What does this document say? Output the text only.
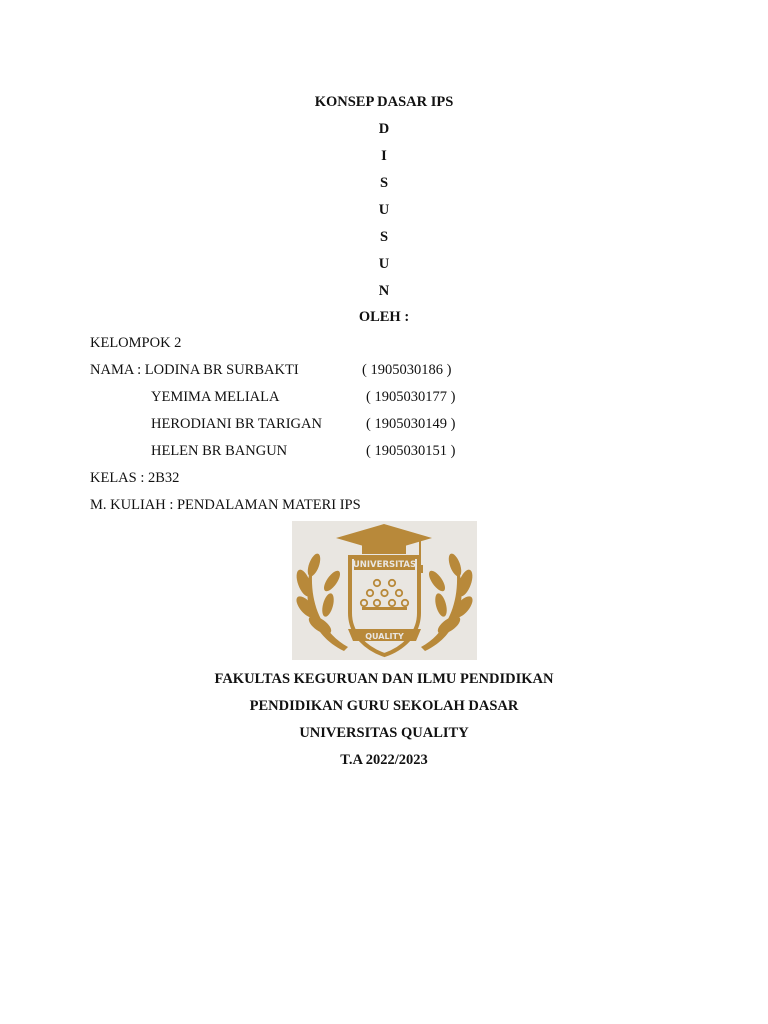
KONSEP DASAR IPS
D
I
S
U
S
U
N
OLEH :
KELOMPOK 2
NAMA : LODINA BR SURBAKTI	( 1905030186 )
YEMIMA MELIALA	( 1905030177 )
HERODIANI BR TARIGAN	( 1905030149 )
HELEN BR BANGUN	( 1905030151 )
KELAS : 2B32
M. KULIAH : PENDALAMAN MATERI IPS
UNIVERSITAS
QUALITY
FAKULTAS KEGURUAN DAN ILMU PENDIDIKAN
PENDIDIKAN GURU SEKOLAH DASAR
UNIVERSITAS QUALITY
T.A 2022/2023
